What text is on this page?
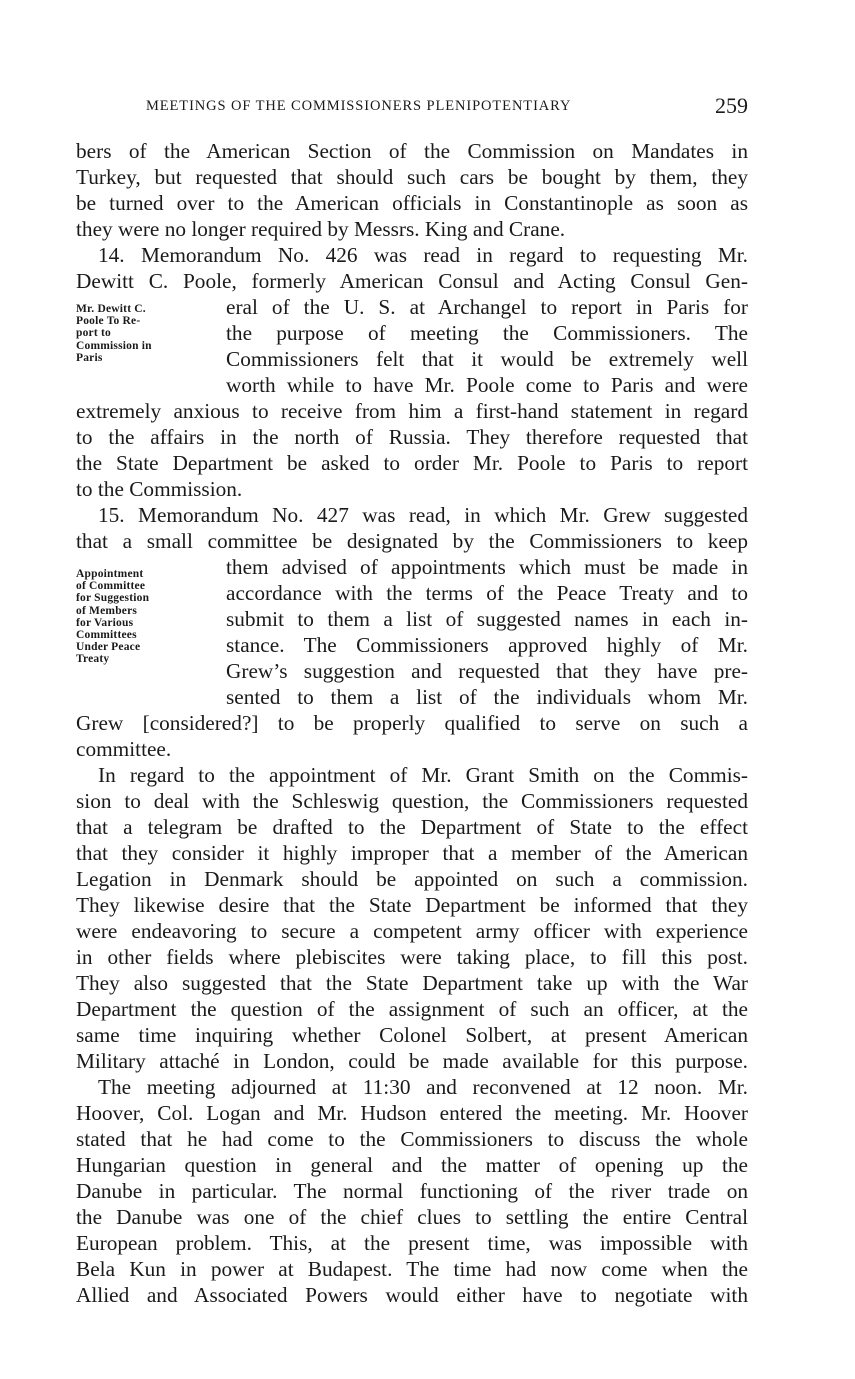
MEETINGS OF THE COMMISSIONERS PLENIPOTENTIARY	259

bers of the American Section of the Commission on Mandates in
Turkey, but requested that should such cars be bought by them, they
be turned over to the American officials in Constantinople as soon as
they were no longer required by Messrs. King and Crane.

14. Memorandum No. 426 was read in regard to requesting Mr.
Dewitt C. Poole, formerly American Consul and Acting Consul Gen-
Mr. Dewitt C.
Poole To Re-
port to
Commission in
Paris
eral of the U. S. at Archangel to report in Paris for
the purpose of meeting the Commissioners. The
Commissioners felt that it would be extremely well
worth while to have Mr. Poole come to Paris and were
extremely anxious to receive from him a first-hand statement in regard
to the affairs in the north of Russia. They therefore requested that
the State Department be asked to order Mr. Poole to Paris to report
to the Commission.
15. Memorandum No. 427 was read, in which Mr. Grew suggested
that a small committee be designated by the Commissioners to keep
Appointment
of Committee
for Suggestion
of Members
for Various
Committees
Under Peace
Treaty
them advised of appointments which must be made in
accordance with the terms of the Peace Treaty and to
submit to them a list of suggested names in each in-
stance. The Commissioners approved highly of Mr.
Grew’s suggestion and requested that they have pre-
sented to them a list of the individuals whom Mr.
Grew [considered?] to be properly qualified to serve on such a
committee.
In regard to the appointment of Mr. Grant Smith on the Commis-
sion to deal with the Schleswig question, the Commissioners requested
that a telegram be drafted to the Department of State to the effect
that they consider it highly improper that a member of the American
Legation in Denmark should be appointed on such a commission.
They likewise desire that the State Department be informed that they
were endeavoring to secure a competent army officer with experience
in other fields where plebiscites were taking place, to fill this post.
They also suggested that the State Department take up with the War
Department the question of the assignment of such an officer, at the
same time inquiring whether Colonel Solbert, at present American
Military attaché in London, could be made available for this purpose.
The meeting adjourned at 11:30 and reconvened at 12 noon. Mr.
Hoover, Col. Logan and Mr. Hudson entered the meeting. Mr. Hoover
stated that he had come to the Commissioners to discuss the whole
Hungarian question in general and the matter of opening up the
Danube in particular. The normal functioning of the river trade on
the Danube was one of the chief clues to settling the entire Central
European problem. This, at the present time, was impossible with
Bela Kun in power at Budapest. The time had now come when the
Allied and Associated Powers would either have to negotiate with
